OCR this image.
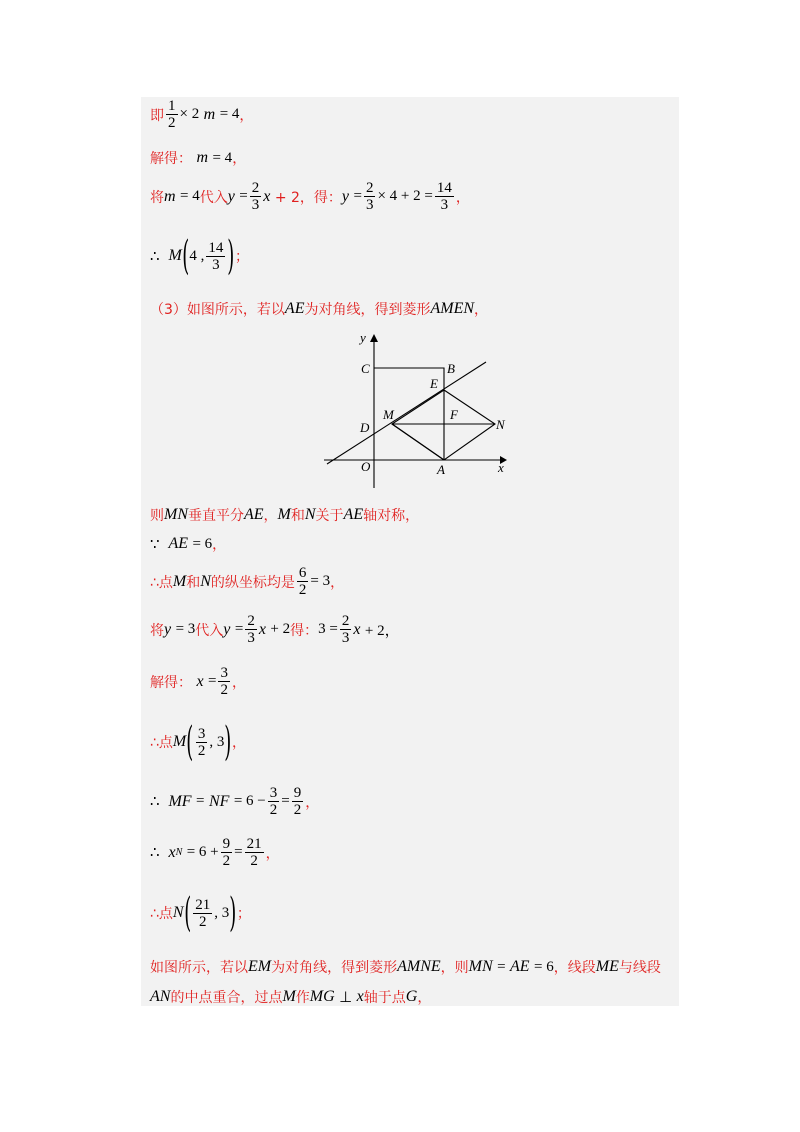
即 $\frac{1}{2} \times 2$
m
= 4 ，
解得：
m
= 4 ，
将 m
= 4 代入 y
= $\frac{2}{3}$ x
+ 2，得： y
= $\frac{2}{3} \times 4 + 2 = \frac{14}{3}$ ，
∴
M ( 4 , $\frac{14}{3}$ ) ；
（3）如图所示，若以 AE 为对角线，得到菱形 AMEN ，
y
x
C	B
E
M	F
N
D
O	A
则 MN 垂直平分 AE ， M 和 N 关于 AE 轴对称，
∵
AE
= 6 ，
∴点 M 和 N 的纵坐标均是 $\frac{6}{2} = 3$ ，
将 y
= 3 代入 y
= $\frac{2}{3}$ x
+ 2 得： $3 = \frac{2}{3}$ x
+ 2，
解得：
x
= $\frac{3}{2}$ ，
∴点 M ( $\frac{3}{2}$ , 3 ) ，
∴
MF
=
NF
= $6 - \frac{3}{2} = \frac{9}{2}$ ，
∴
x N
= $6 + \frac{9}{2} = \frac{21}{2}$ ，
∴点 N ( $\frac{21}{2}$ , 3 ) ；
如图所示，若以 EM 为对角线，得到菱形 AMNE ，则 MN
=
AE
= 6 ，线段 ME 与线段
AN 的中点重合，过点 M 作 MG
⊥
x 轴于点 G ，
